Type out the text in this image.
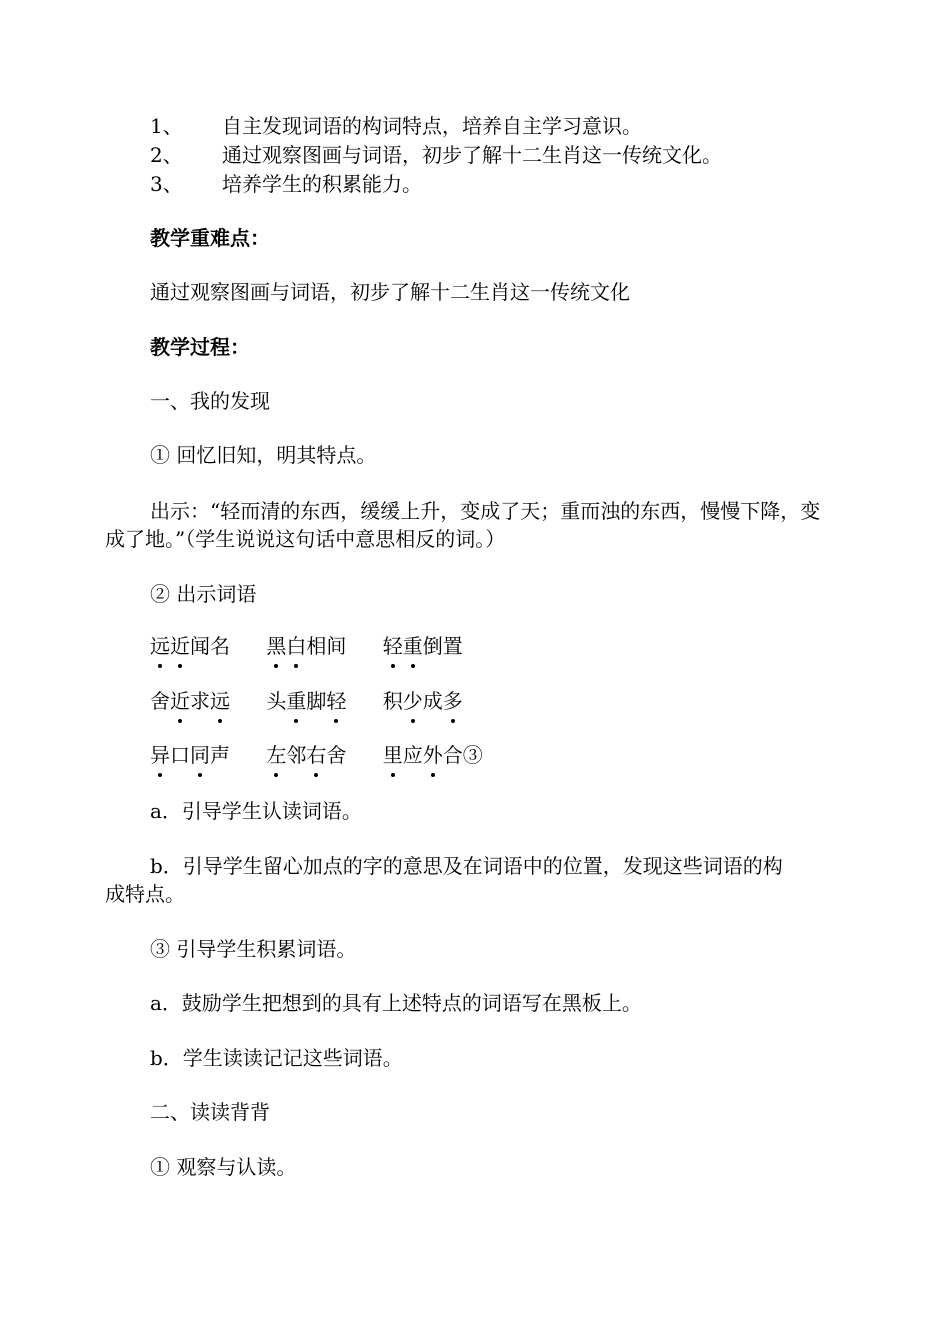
1、 自主发现词语的构词特点，培养自主学习意识。
2、 通过观察图画与词语，初步了解十二生肖这一传统文化。
3、 培养学生的积累能力。
教学重难点：
通过观察图画与词语，初步了解十二生肖这一传统文化
教学过程：
一、我的发现
① 回忆旧知，明其特点。
出示：“轻而清的东西，缓缓上升，变成了天；重而浊的东西，慢慢下降，变
成了地。”（学生说说这句话中意思相反的词。）
② 出示词语
远近闻名 黑白相间 轻重倒置
舍近求远 头重脚轻 积少成多
异口同声 左邻右舍 里应外合③
a．引导学生认读词语。
b．引导学生留心加点的字的意思及在词语中的位置，发现这些词语的构
成特点。
③ 引导学生积累词语。
a．鼓励学生把想到的具有上述特点的词语写在黑板上。
b．学生读读记记这些词语。
二、读读背背
① 观察与认读。
